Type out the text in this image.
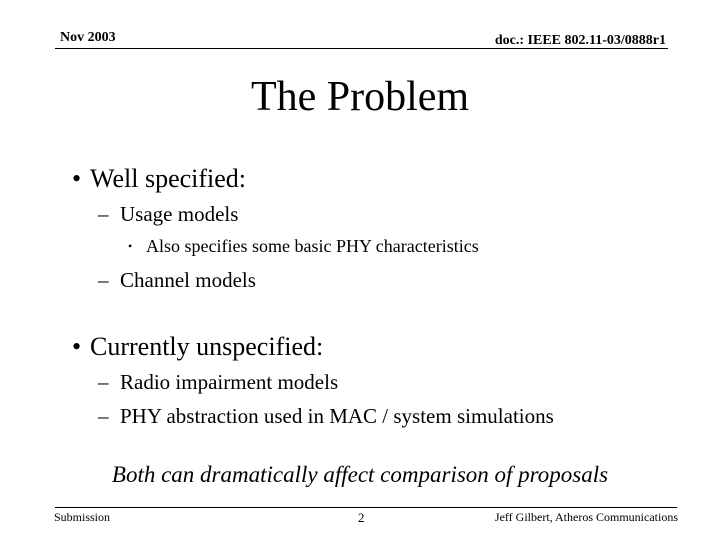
Nov 2003	doc.: IEEE 802.11-03/0888r1
The Problem
• Well specified:
– Usage models
• Also specifies some basic PHY characteristics
– Channel models
• Currently unspecified:
– Radio impairment models
– PHY abstraction used in MAC / system simulations
Both can dramatically affect comparison of proposals
Submission	2	Jeff Gilbert, Atheros Communications
